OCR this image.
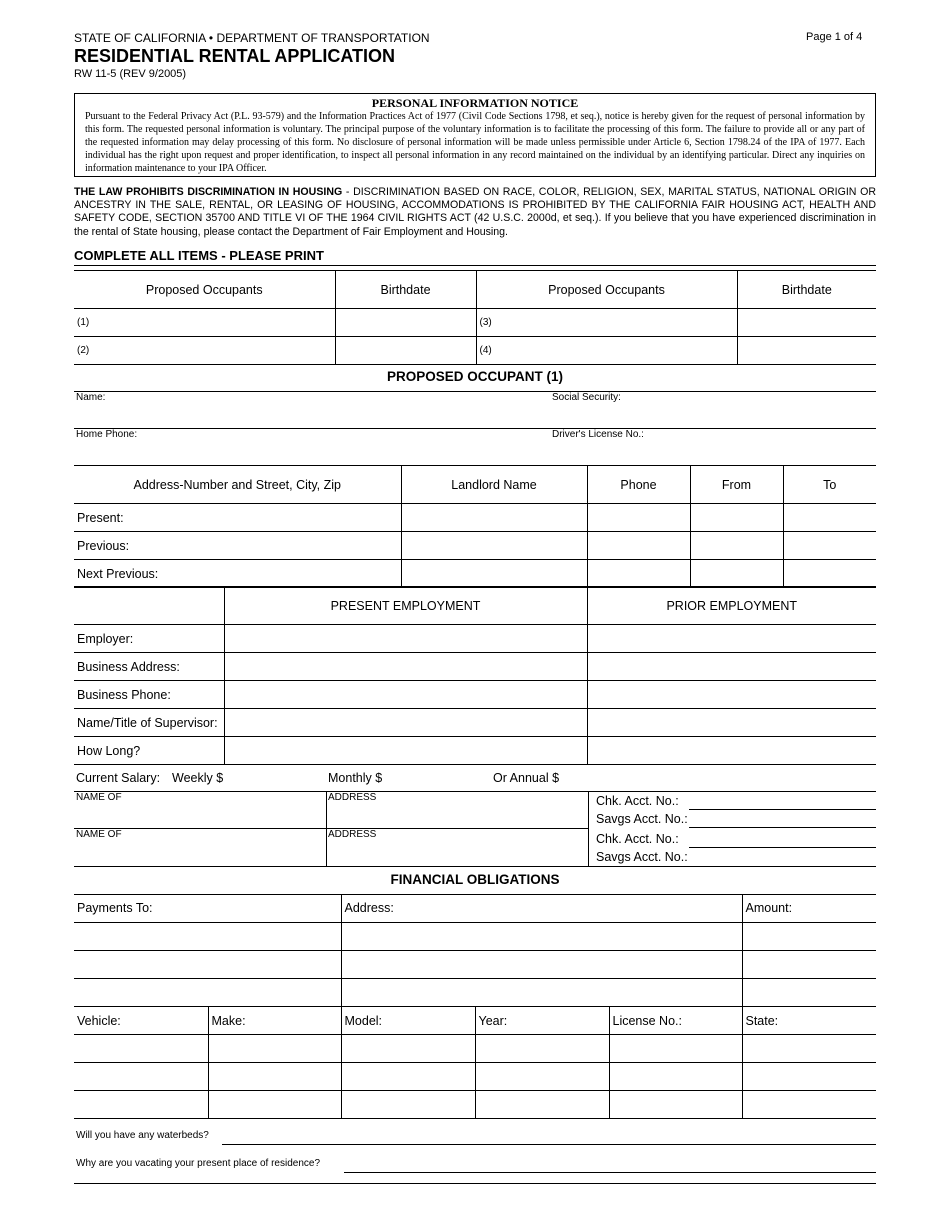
STATE OF CALIFORNIA • DEPARTMENT OF TRANSPORTATION	Page 1 of 4
RESIDENTIAL RENTAL APPLICATION
RW 11-5 (REV 9/2005)
PERSONAL INFORMATION NOTICE
Pursuant to the Federal Privacy Act (P.L. 93-579) and the Information Practices Act of 1977 (Civil Code Sections 1798, et seq.), notice is hereby given for the request of personal information by this form. The requested personal information is voluntary. The principal purpose of the voluntary information is to facilitate the processing of this form. The failure to provide all or any part of the requested information may delay processing of this form. No disclosure of personal information will be made unless permissible under Article 6, Section 1798.24 of the IPA of 1977. Each individual has the right upon request and proper identification, to inspect all personal information in any record maintained on the individual by an identifying particular. Direct any inquiries on information maintenance to your IPA Officer.
THE LAW PROHIBITS DISCRIMINATION IN HOUSING - DISCRIMINATION BASED ON RACE, COLOR, RELIGION, SEX, MARITAL STATUS, NATIONAL ORIGIN OR ANCESTRY IN THE SALE, RENTAL, OR LEASING OF HOUSING, ACCOMMODATIONS IS PROHIBITED BY THE CALIFORNIA FAIR HOUSING ACT, HEALTH AND SAFETY CODE, SECTION 35700 AND TITLE VI OF THE 1964 CIVIL RIGHTS ACT (42 U.S.C. 2000d, et seq.). If you believe that you have experienced discrimination in the rental of State housing, please contact the Department of Fair Employment and Housing.
COMPLETE ALL ITEMS - PLEASE PRINT
Proposed Occupants	Birthdate	Proposed Occupants	Birthdate
(1)		(3)	
(2)		(4)	
PROPOSED OCCUPANT (1)
Name:	Social Security:
Home Phone:	Driver's License No.:
Address-Number and Street, City, Zip	Landlord Name	Phone	From	To
Present:				
Previous:				
Next Previous:				
	PRESENT EMPLOYMENT	PRIOR EMPLOYMENT
Employer:		
Business Address:		
Business Phone:		
Name/Title of Supervisor:		
How Long?		
Current Salary: Weekly $	Monthly $	Or Annual $
NAME OF	ADDRESS	Chk. Acct. No.:
Savgs Acct. No.:
NAME OF	ADDRESS	Chk. Acct. No.:
Savgs Acct. No.:
FINANCIAL OBLIGATIONS
Payments To:	Address:	Amount:

Vehicle:	Make:	Model:	Year:	License No.:	State:

Will you have any waterbeds?
Why are you vacating your present place of residence?
